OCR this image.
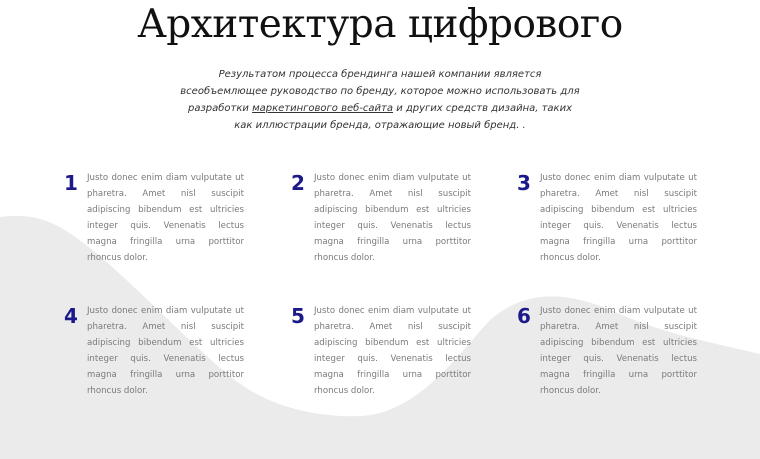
Архитектура цифрового

Результатом процесса брендинга нашей компании является всеобъемлющее руководство по бренду, которое можно использовать для разработки маркетингового веб-сайта и других средств дизайна, таких как иллюстрации бренда, отражающие новый бренд. .

1	Justo donec enim diam vulputate ut pharetra. Amet nisl suscipit adipiscing bibendum est ultricies integer quis. Venenatis lectus magna fringilla urna porttitor rhoncus dolor.

2	Justo donec enim diam vulputate ut pharetra. Amet nisl suscipit adipiscing bibendum est ultricies integer quis. Venenatis lectus magna fringilla urna porttitor rhoncus dolor.

3	Justo donec enim diam vulputate ut pharetra. Amet nisl suscipit adipiscing bibendum est ultricies integer quis. Venenatis lectus magna fringilla urna porttitor rhoncus dolor.

4	Justo donec enim diam vulputate ut pharetra. Amet nisl suscipit adipiscing bibendum est ultricies integer quis. Venenatis lectus magna fringilla urna porttitor rhoncus dolor.

5	Justo donec enim diam vulputate ut pharetra. Amet nisl suscipit adipiscing bibendum est ultricies integer quis. Venenatis lectus magna fringilla urna porttitor rhoncus dolor.

6	Justo donec enim diam vulputate ut pharetra. Amet nisl suscipit adipiscing bibendum est ultricies integer quis. Venenatis lectus magna fringilla urna porttitor rhoncus dolor.
